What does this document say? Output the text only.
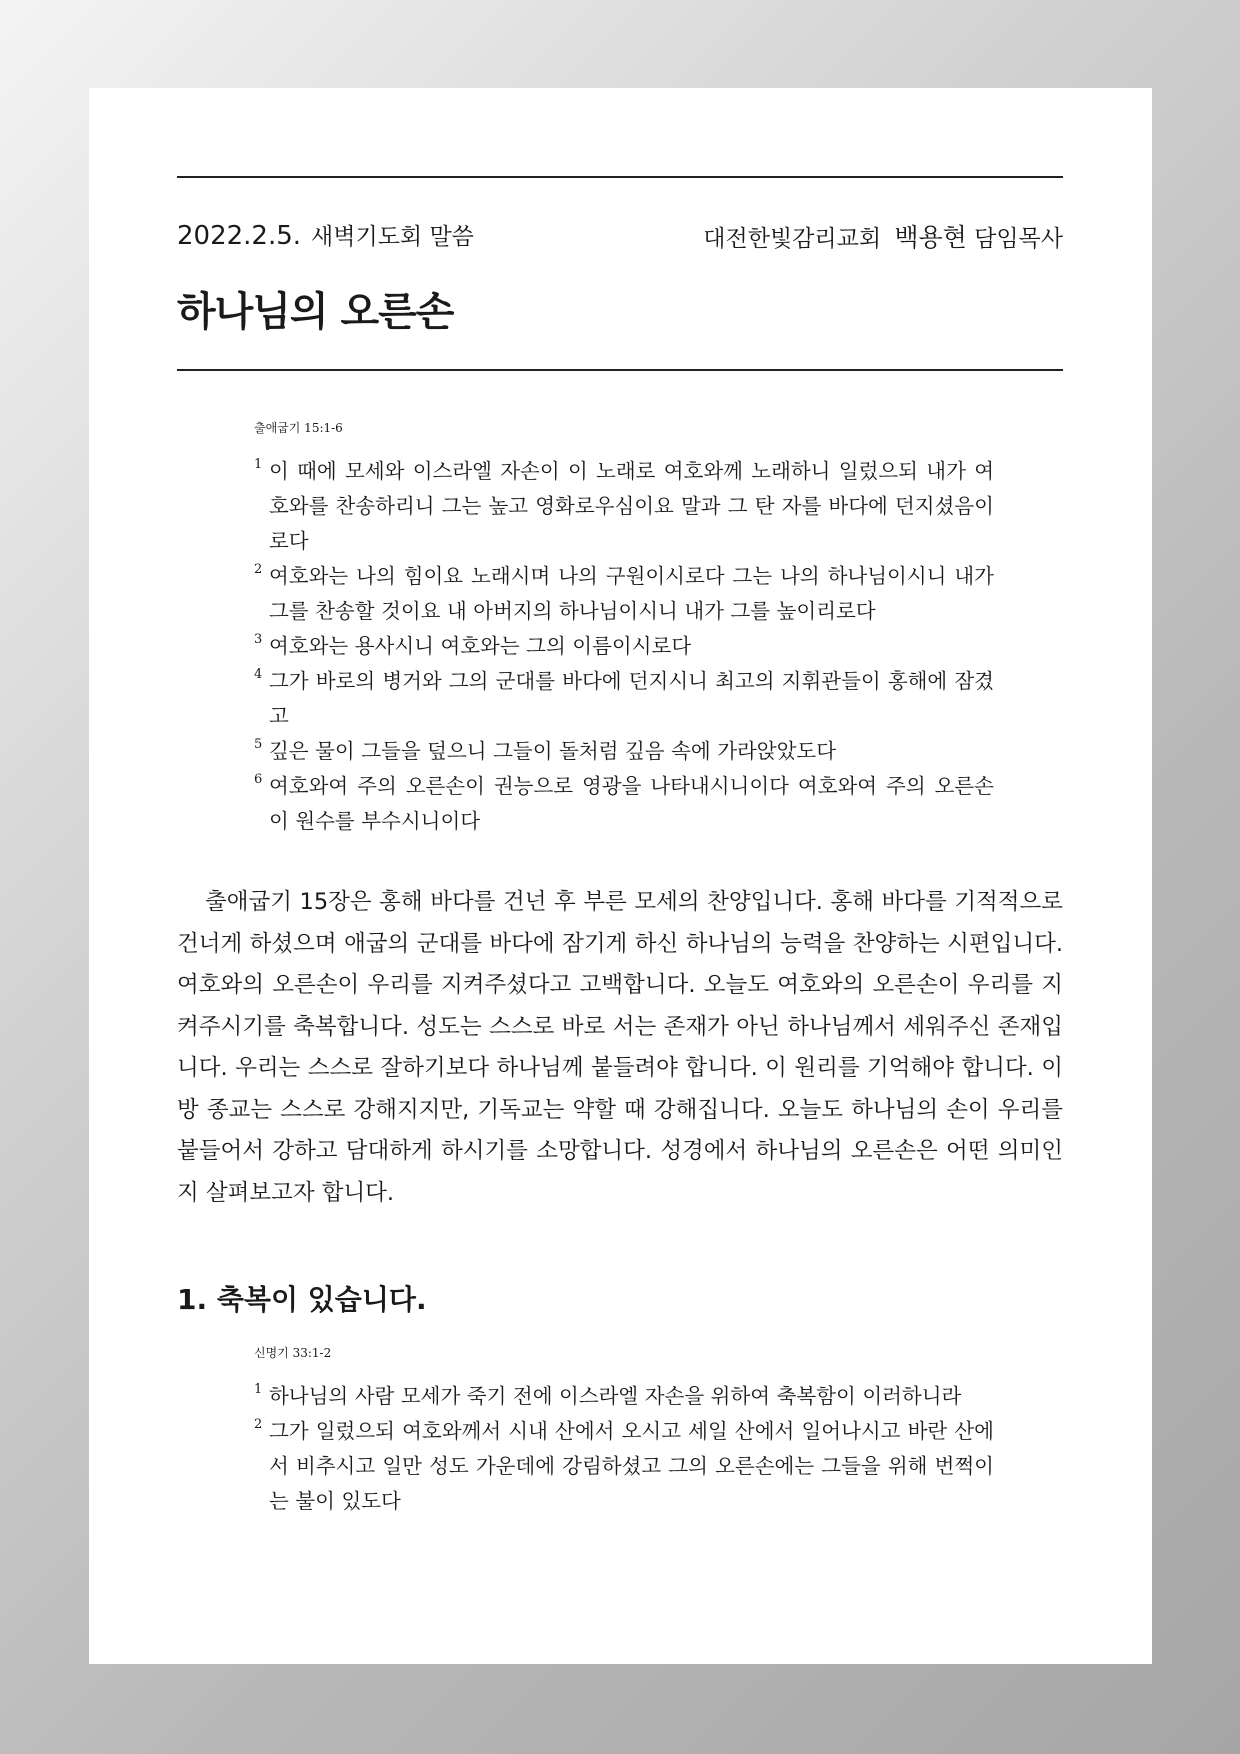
2022.2.5. 새벽기도회 말씀	대전한빛감리교회 백용현 담임목사
하나님의 오른손
출애굽기 15:1-6
1 이 때에 모세와 이스라엘 자손이 이 노래로 여호와께 노래하니 일렀으되 내가 여호와를 찬송하리니 그는 높고 영화로우심이요 말과 그 탄 자를 바다에 던지셨음이로다
2 여호와는 나의 힘이요 노래시며 나의 구원이시로다 그는 나의 하나님이시니 내가 그를 찬송할 것이요 내 아버지의 하나님이시니 내가 그를 높이리로다
3 여호와는 용사시니 여호와는 그의 이름이시로다
4 그가 바로의 병거와 그의 군대를 바다에 던지시니 최고의 지휘관들이 홍해에 잠겼고
5 깊은 물이 그들을 덮으니 그들이 돌처럼 깊음 속에 가라앉았도다
6 여호와여 주의 오른손이 권능으로 영광을 나타내시니이다 여호와여 주의 오른손이 원수를 부수시니이다

출애굽기 15장은 홍해 바다를 건넌 후 부른 모세의 찬양입니다. 홍해 바다를 기적적으로 건너게 하셨으며 애굽의 군대를 바다에 잠기게 하신 하나님의 능력을 찬양하는 시편입니다. 여호와의 오른손이 우리를 지켜주셨다고 고백합니다. 오늘도 여호와의 오른손이 우리를 지켜주시기를 축복합니다. 성도는 스스로 바로 서는 존재가 아닌 하나님께서 세워주신 존재입니다. 우리는 스스로 잘하기보다 하나님께 붙들려야 합니다. 이 원리를 기억해야 합니다. 이방 종교는 스스로 강해지지만, 기독교는 약할 때 강해집니다. 오늘도 하나님의 손이 우리를 붙들어서 강하고 담대하게 하시기를 소망합니다. 성경에서 하나님의 오른손은 어떤 의미인지 살펴보고자 합니다.

1. 축복이 있습니다.
신명기 33:1-2
1 하나님의 사람 모세가 죽기 전에 이스라엘 자손을 위하여 축복함이 이러하니라
2 그가 일렀으되 여호와께서 시내 산에서 오시고 세일 산에서 일어나시고 바란 산에서 비추시고 일만 성도 가운데에 강림하셨고 그의 오른손에는 그들을 위해 번쩍이는 불이 있도다
